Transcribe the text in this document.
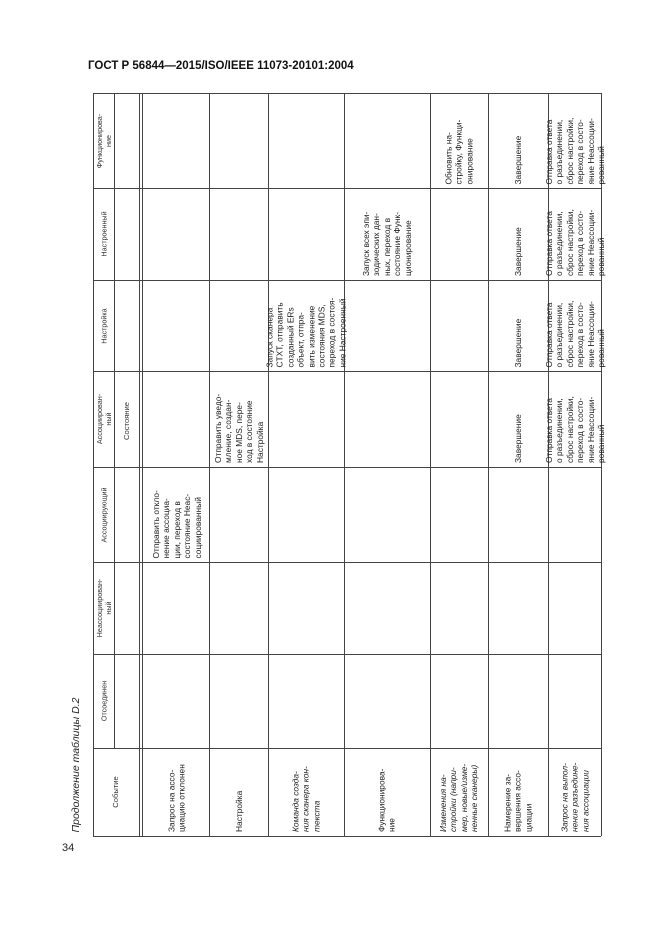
ГОСТ Р 56844—2015/ISO/IEEE 11073-20101:2004
Продолжение таблицы D.2
34
Событие
Состояние
Отсоединен
Неассоциирован-
ный
Ассоциирующий
Ассоциирован-
ный
Настройка
Настроенный
Функционирова-
ние
Запрос на ассо-
циацию отклонен
Отправить откло-
нение ассоциа-
ции, переход в
состояние Неас-
социированный
Настройка
Отправить уведо-
мление, создан-
ное MDS, пере-
ход в состояние
Настройка
Команда созда-
ния сканера кон-
текста
Запуск сканера
CTXT, отправить
созданный ERs
объект, отпра-
вить изменение
состояния MDS,
переход в состоя-
ние Настроенный
Функционирова-
ние
Запуск всех эпи-
зодических дан-
ных, переход в
состояние Функ-
ционирование
Изменения на-
стройки (напри-
мер, новые/изме-
ненные сканеры)
Обновить на-
стройку, Функци-
онирование
Намерение за-
вершения ассо-
циации
Завершение
Завершение
Завершение
Завершение
Запрос на выпол-
нение разъедине-
ния ассоциации
Отправка ответа
о разъединении,
сброс настройки,
переход в состо-
яние Неассоции-
рованный
Отправка ответа
о разъединении,
сброс настройки,
переход в состо-
яние Неассоции-
рованный
Отправка ответа
о разъединении,
сброс настройки,
переход в состо-
яние Неассоции-
рованный
Отправка ответа
о разъединении,
сброс настройки,
переход в состо-
яние Неассоции-
рованный
